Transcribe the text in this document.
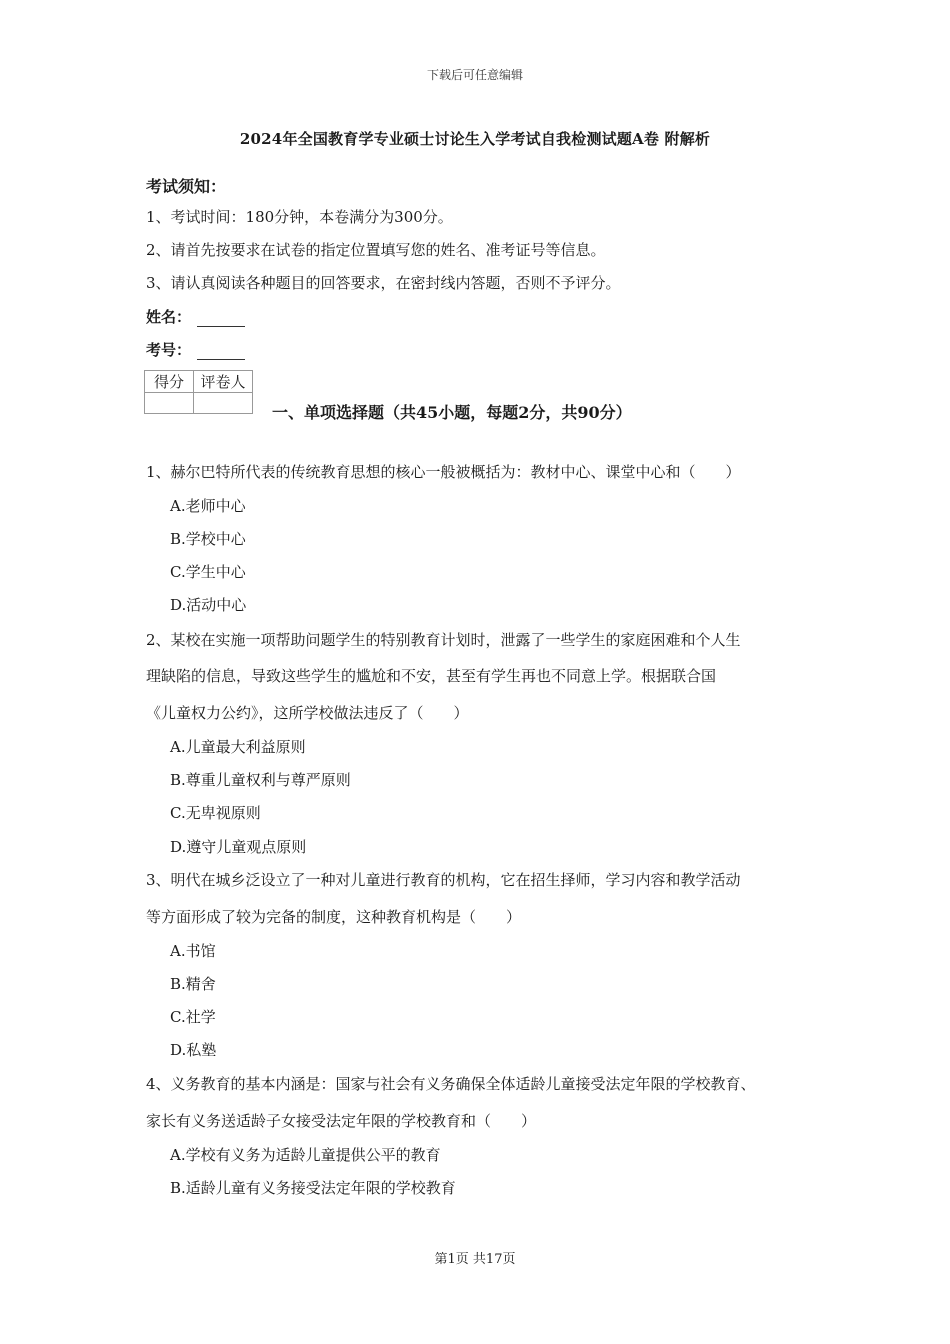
下载后可任意编辑
2024年全国教育学专业硕士讨论生入学考试自我检测试题A卷 附解析
考试须知：
1、考试时间：180分钟，本卷满分为300分。
2、请首先按要求在试卷的指定位置填写您的姓名、准考证号等信息。
3、请认真阅读各种题目的回答要求，在密封线内答题，否则不予评分。
姓名：
考号：
得分	评卷人

一、单项选择题（共45小题，每题2分，共90分）
1、赫尔巴特所代表的传统教育思想的核心一般被概括为：教材中心、课堂中心和（　　）
A.老师中心
B.学校中心
C.学生中心
D.活动中心
2、某校在实施一项帮助问题学生的特别教育计划时，泄露了一些学生的家庭困难和个人生
理缺陷的信息，导致这些学生的尴尬和不安，甚至有学生再也不同意上学。根据联合国
《儿童权力公约》，这所学校做法违反了（　　）
A.儿童最大利益原则
B.尊重儿童权利与尊严原则
C.无卑视原则
D.遵守儿童观点原则
3、明代在城乡泛设立了一种对儿童进行教育的机构，它在招生择师，学习内容和教学活动
等方面形成了较为完备的制度，这种教育机构是（　　）
A.书馆
B.精舍
C.社学
D.私塾
4、义务教育的基本内涵是：国家与社会有义务确保全体适龄儿童接受法定年限的学校教育、
家长有义务送适龄子女接受法定年限的学校教育和（　　）
A.学校有义务为适龄儿童提供公平的教育
B.适龄儿童有义务接受法定年限的学校教育
第1页 共17页
